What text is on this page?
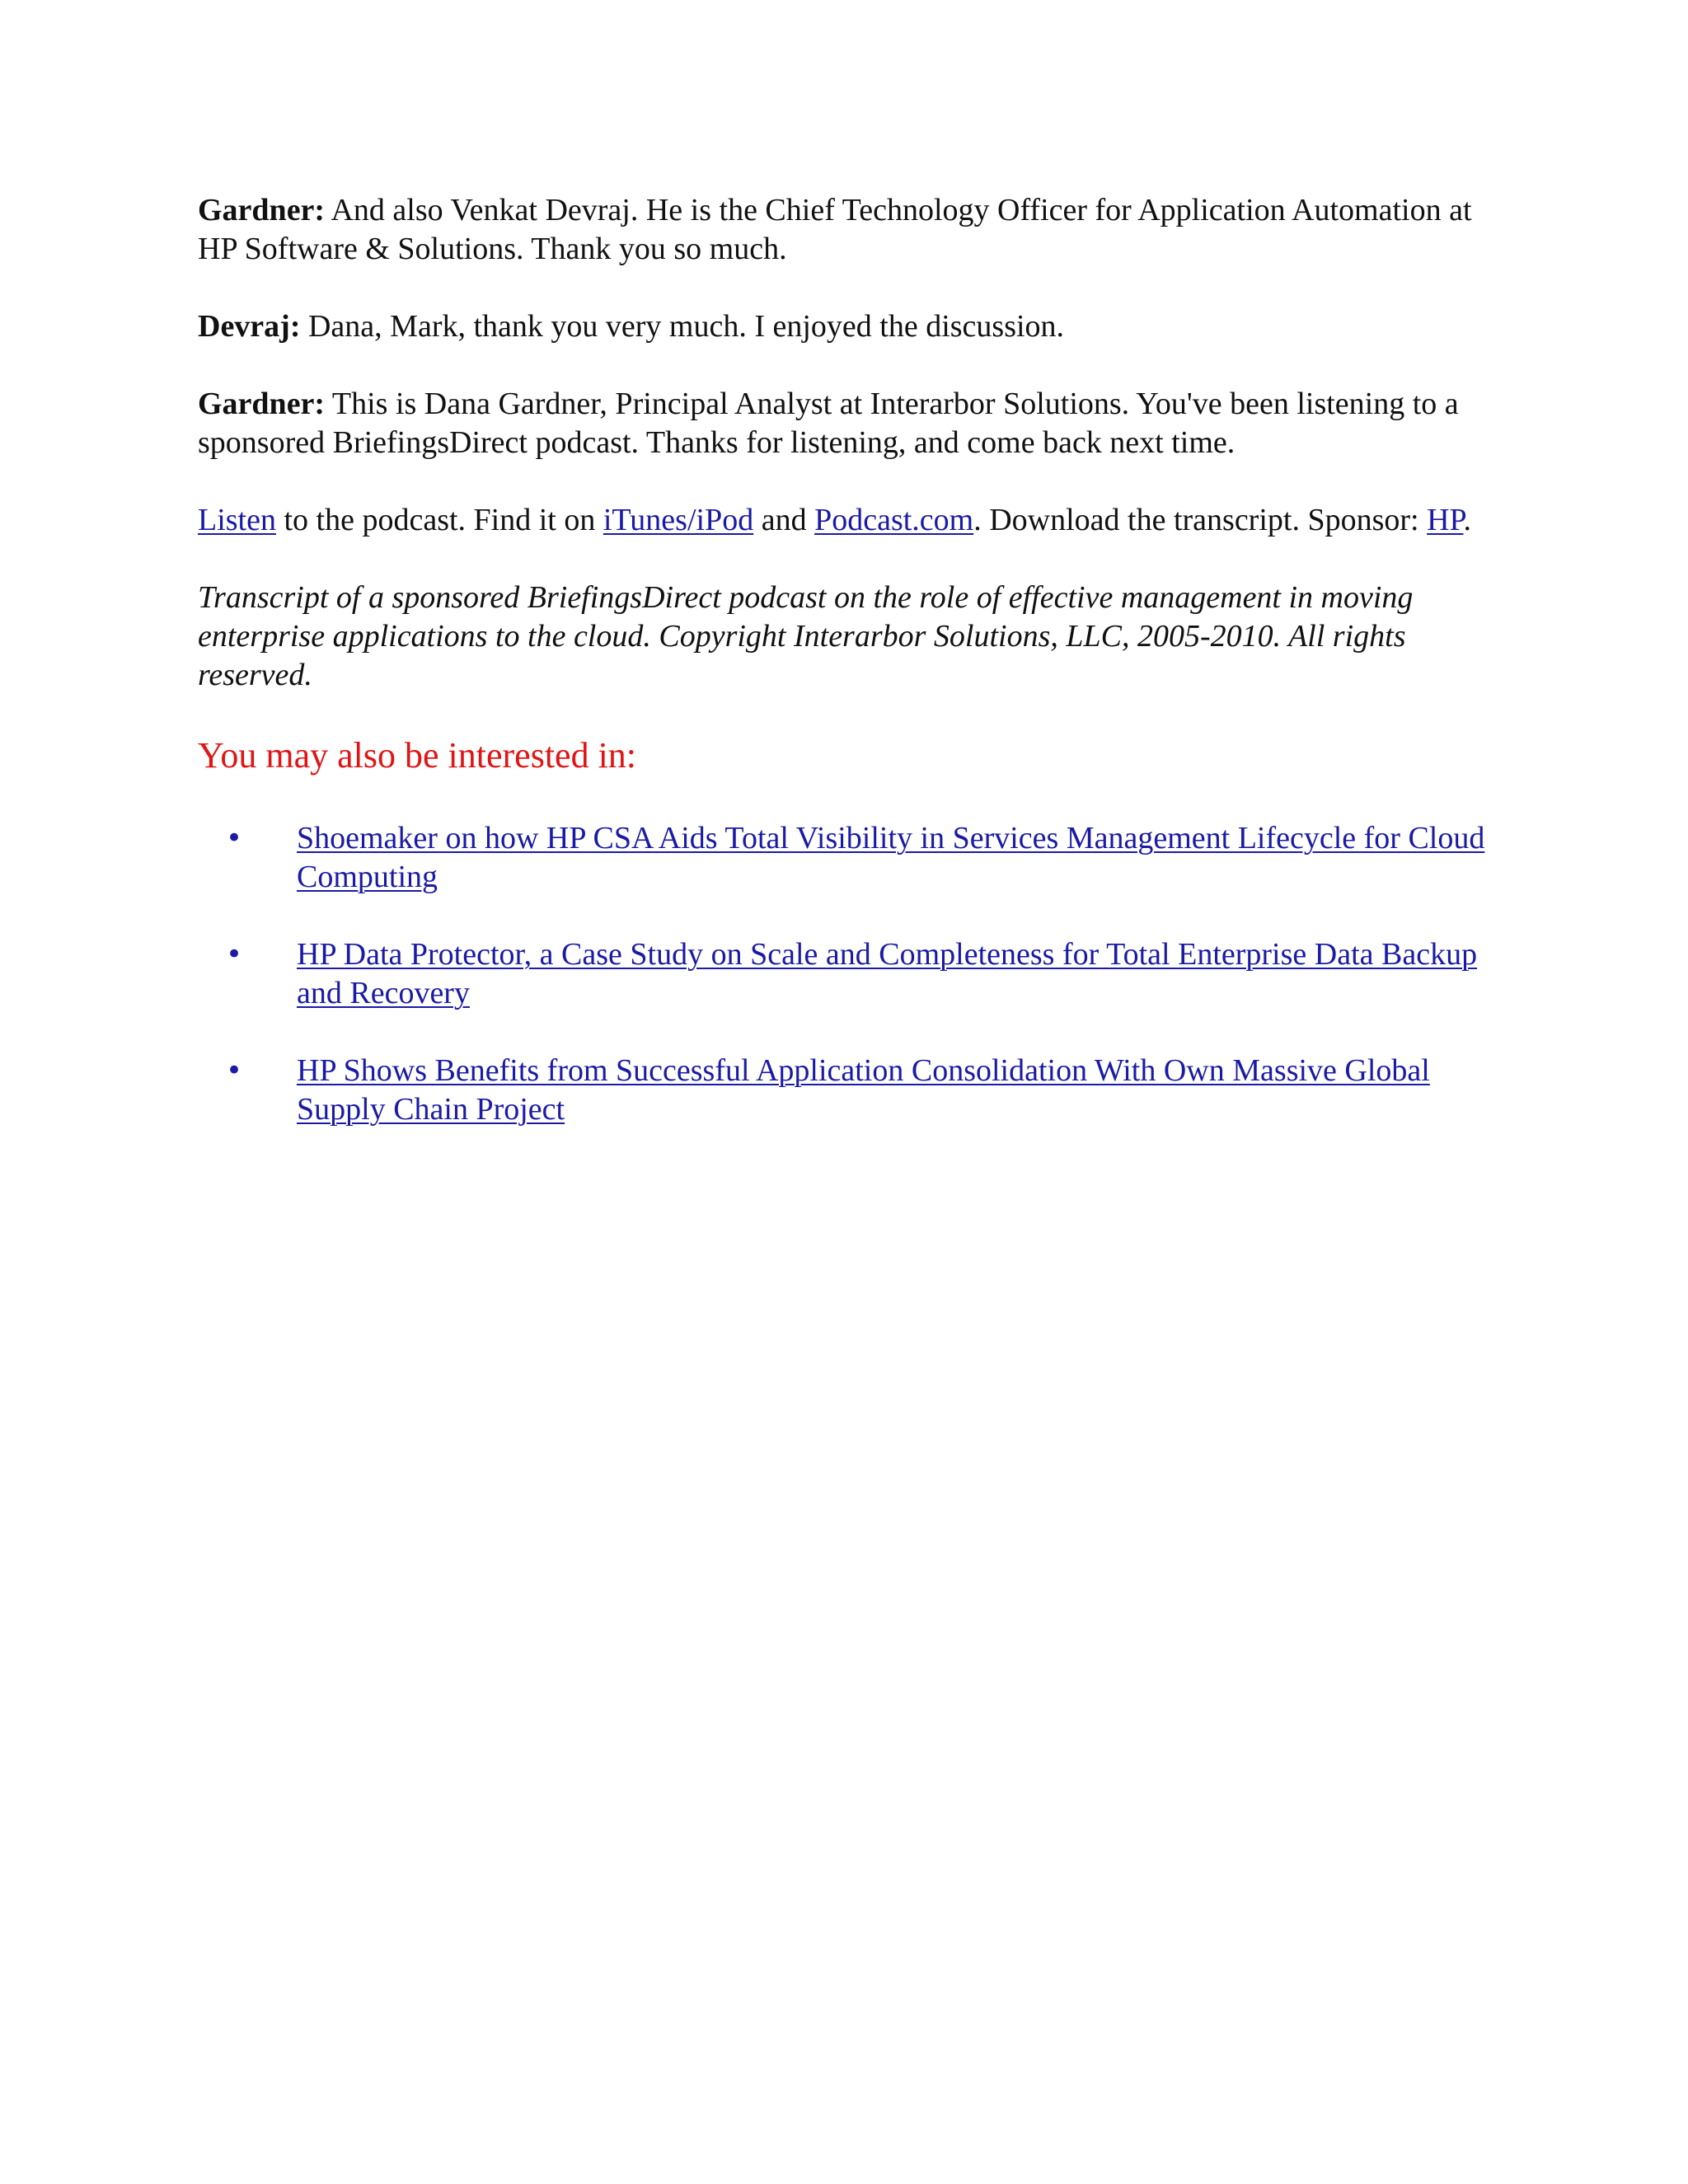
Gardner: And also Venkat Devraj. He is the Chief Technology Officer for Application Automation at HP Software & Solutions. Thank you so much.

Devraj: Dana, Mark, thank you very much. I enjoyed the discussion.

Gardner: This is Dana Gardner, Principal Analyst at Interarbor Solutions. You've been listening to a sponsored BriefingsDirect podcast. Thanks for listening, and come back next time.

Listen to the podcast. Find it on iTunes/iPod and Podcast.com. Download the transcript. Sponsor: HP.

Transcript of a sponsored BriefingsDirect podcast on the role of effective management in moving enterprise applications to the cloud. Copyright Interarbor Solutions, LLC, 2005-2010. All rights reserved.

You may also be interested in:
• Shoemaker on how HP CSA Aids Total Visibility in Services Management Lifecycle for Cloud Computing
• HP Data Protector, a Case Study on Scale and Completeness for Total Enterprise Data Backup and Recovery
• HP Shows Benefits from Successful Application Consolidation With Own Massive Global Supply Chain Project
